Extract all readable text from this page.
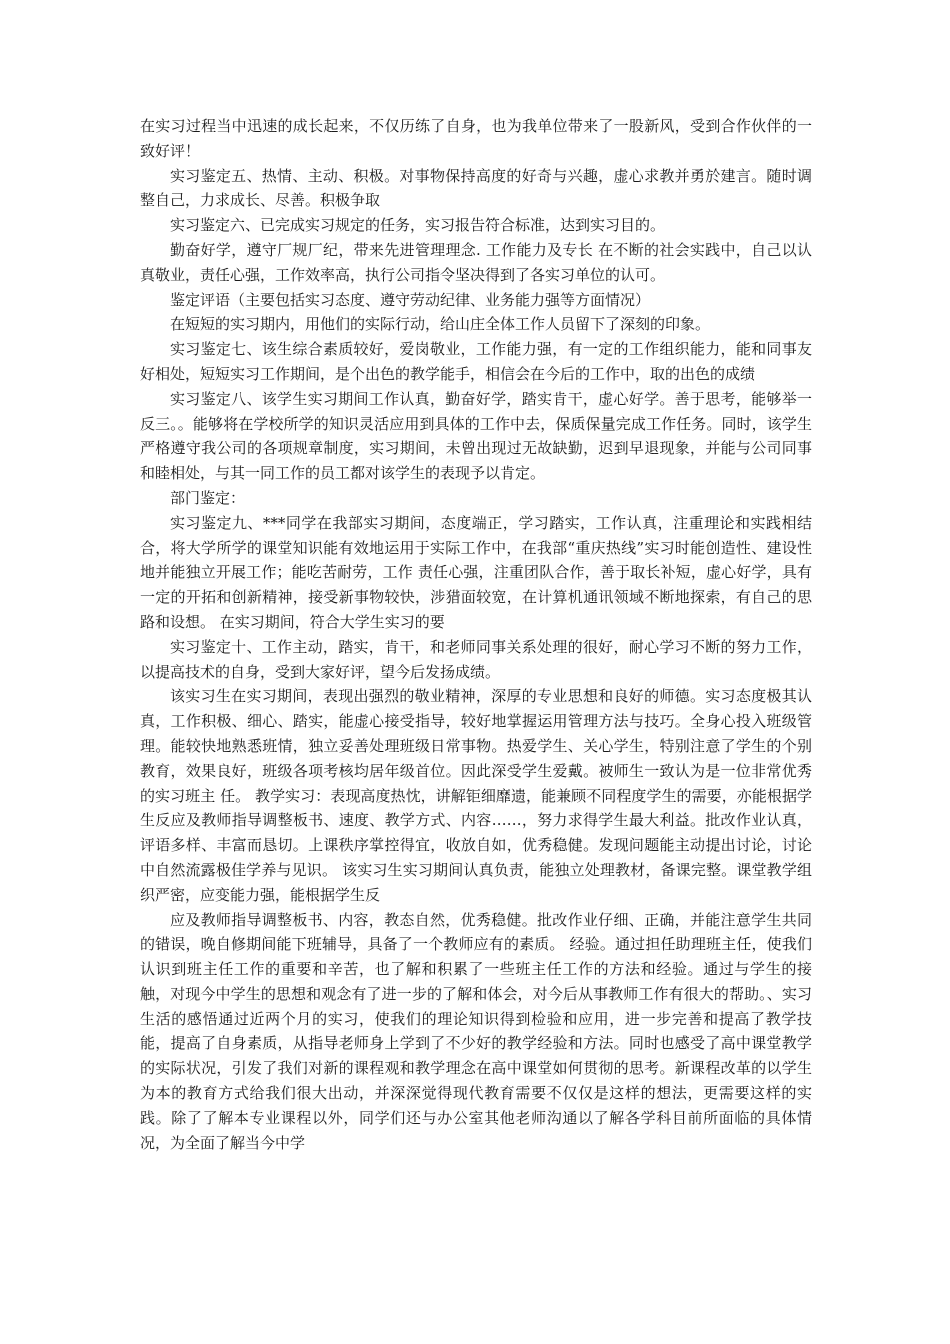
在实习过程当中迅速的成长起来，不仅历练了自身，也为我单位带来了一股新风，受到合作伙伴的一致好评！

实习鉴定五、热情、主动、积极。对事物保持高度的好奇与兴趣，虚心求教并勇於建言。随时调整自己，力求成长、尽善。积极争取

实习鉴定六、已完成实习规定的任务，实习报告符合标准，达到实习目的。

勤奋好学，遵守厂规厂纪，带来先进管理理念. 工作能力及专长 在不断的社会实践中，自己以认真敬业，责任心强，工作效率高，执行公司指令坚决得到了各实习单位的认可。

鉴定评语（主要包括实习态度、遵守劳动纪律、业务能力强等方面情况）

在短短的实习期内，用他们的实际行动，给山庄全体工作人员留下了深刻的印象。

实习鉴定七、该生综合素质较好，爱岗敬业，工作能力强，有一定的工作组织能力，能和同事友好相处，短短实习工作期间，是个出色的教学能手，相信会在今后的工作中，取的出色的成绩

实习鉴定八、该学生实习期间工作认真，勤奋好学，踏实肯干，虚心好学。善于思考，能够举一反三。。能够将在学校所学的知识灵活应用到具体的工作中去，保质保量完成工作任务。同时，该学生严格遵守我公司的各项规章制度，实习期间，未曾出现过无故缺勤，迟到早退现象，并能与公司同事和睦相处，与其一同工作的员工都对该学生的表现予以肯定。

部门鉴定：

实习鉴定九、***同学在我部实习期间，态度端正，学习踏实，工作认真，注重理论和实践相结合，将大学所学的课堂知识能有效地运用于实际工作中，在我部“重庆热线”实习时能创造性、建设性地并能独立开展工作；能吃苦耐劳，工作 责任心强，注重团队合作，善于取长补短，虚心好学，具有一定的开拓和创新精神，接受新事物较快，涉猎面较宽，在计算机通讯领域不断地探索，有自己的思路和设想。 在实习期间，符合大学生实习的要

实习鉴定十、工作主动，踏实，肯干，和老师同事关系处理的很好，耐心学习不断的努力工作，以提高技术的自身，受到大家好评，望今后发扬成绩。

该实习生在实习期间，表现出强烈的敬业精神，深厚的专业思想和良好的师德。实习态度极其认真，工作积极、细心、踏实，能虚心接受指导，较好地掌握运用管理方法与技巧。全身心投入班级管理。能较快地熟悉班情，独立妥善处理班级日常事物。热爱学生、关心学生，特别注意了学生的个别教育，效果良好，班级各项考核均居年级首位。因此深受学生爱戴。被师生一致认为是一位非常优秀的实习班主 任。 教学实习：表现高度热忱，讲解钜细靡遗，能兼顾不同程度学生的需要，亦能根据学生反应及教师指导调整板书、速度、教学方式、内容……，努力求得学生最大利益。批改作业认真，评语多样、丰富而恳切。上课秩序掌控得宜，收放自如，优秀稳健。发现问题能主动提出讨论，讨论中自然流露极佳学养与见识。 该实习生实习期间认真负责，能独立处理教材，备课完整。课堂教学组织严密，应变能力强，能根据学生反

应及教师指导调整板书、内容，教态自然，优秀稳健。批改作业仔细、正确，并能注意学生共同的错误，晚自修期间能下班辅导，具备了一个教师应有的素质。 经验。通过担任助理班主任，使我们认识到班主任工作的重要和辛苦，也了解和积累了一些班主任工作的方法和经验。通过与学生的接触，对现今中学生的思想和观念有了进一步的了解和体会，对今后从事教师工作有很大的帮助。、实习生活的感悟通过近两个月的实习，使我们的理论知识得到检验和应用，进一步完善和提高了教学技能，提高了自身素质，从指导老师身上学到了不少好的教学经验和方法。同时也感受了高中课堂教学的实际状况，引发了我们对新的课程观和教学理念在高中课堂如何贯彻的思考。新课程改革的以学生为本的教育方式给我们很大出动，并深深觉得现代教育需要不仅仅是这样的想法，更需要这样的实践。除了了解本专业课程以外，同学们还与办公室其他老师沟通以了解各学科目前所面临的具体情况，为全面了解当今中学
